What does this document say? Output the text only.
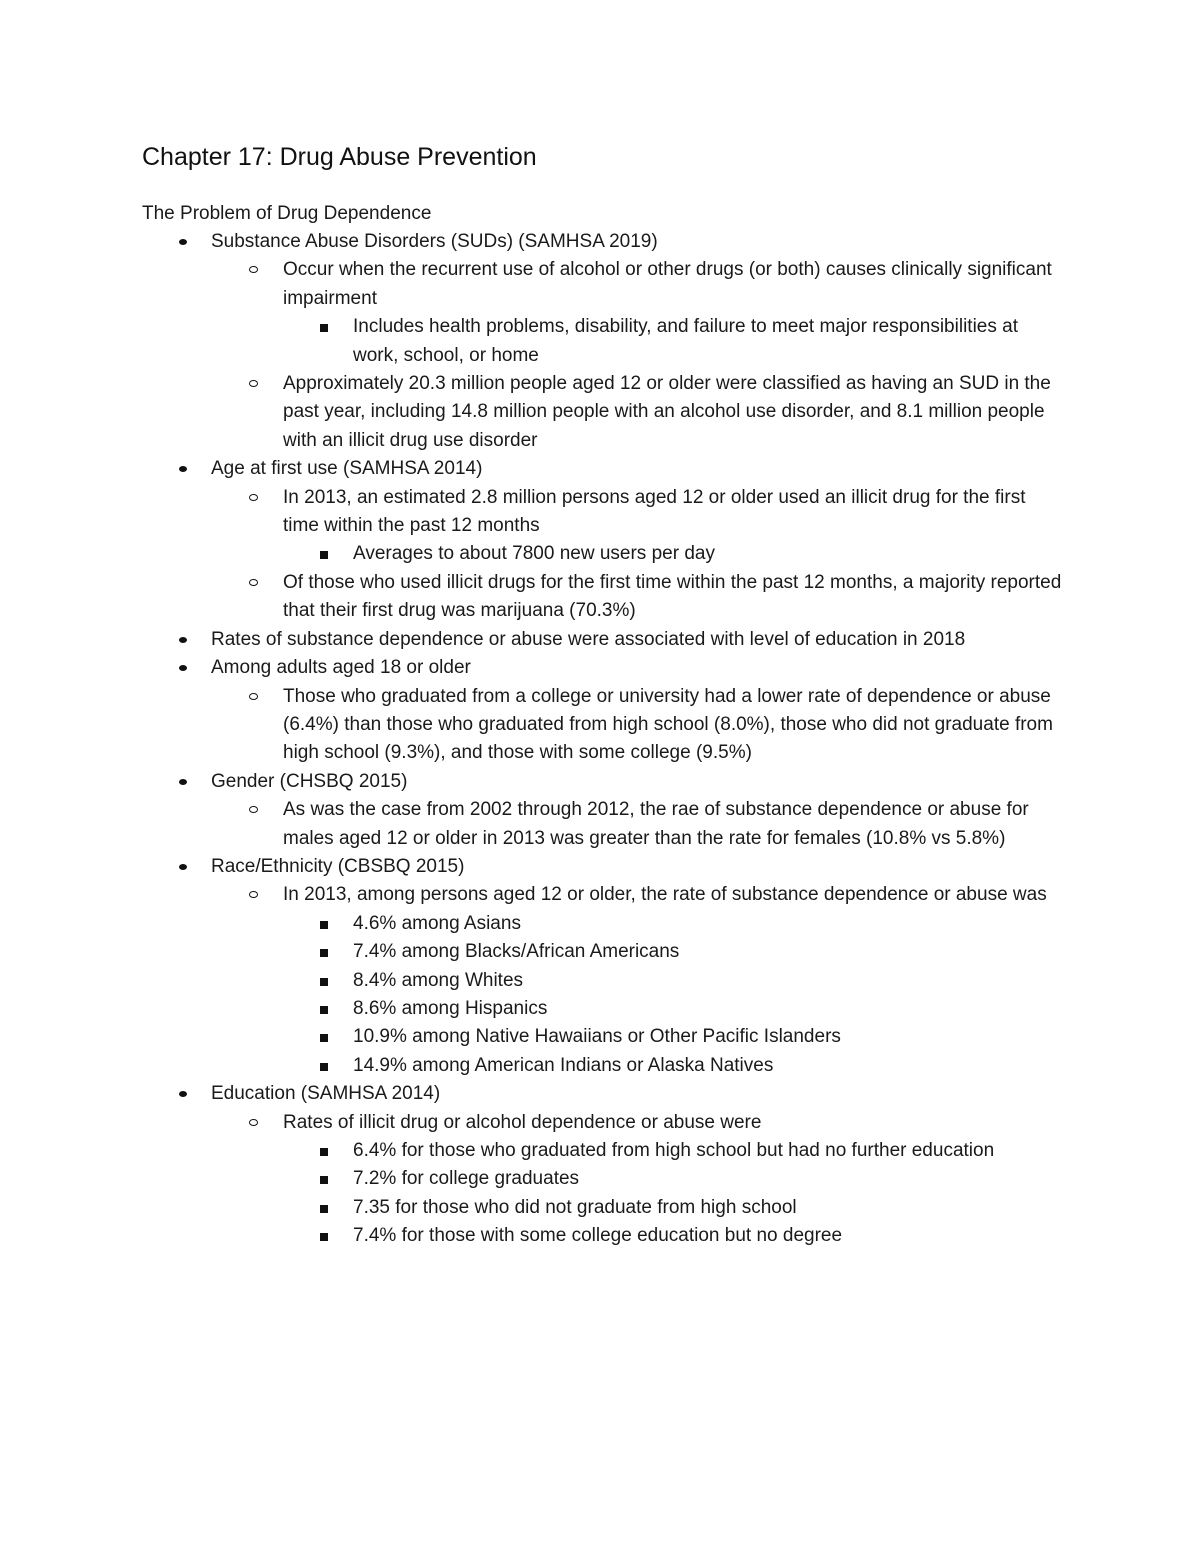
Chapter 17: Drug Abuse Prevention

The Problem of Drug Dependence

Substance Abuse Disorders (SUDs) (SAMHSA 2019)

Occur when the recurrent use of alcohol or other drugs (or both) causes clinically significant impairment

Includes health problems, disability, and failure to meet major responsibilities at work, school, or home

Approximately 20.3 million people aged 12 or older were classified as having an SUD in the past year, including 14.8 million people with an alcohol use disorder, and 8.1 million people with an illicit drug use disorder

Age at first use (SAMHSA 2014)

In 2013, an estimated 2.8 million persons aged 12 or older used an illicit drug for the first time within the past 12 months

Averages to about 7800 new users per day

Of those who used illicit drugs for the first time within the past 12 months, a majority reported that their first drug was marijuana (70.3%)

Rates of substance dependence or abuse were associated with level of education in 2018

Among adults aged 18 or older

Those who graduated from a college or university had a lower rate of dependence or abuse (6.4%) than those who graduated from high school (8.0%), those who did not graduate from high school (9.3%), and those with some college (9.5%)

Gender (CHSBQ 2015)

As was the case from 2002 through 2012, the rae of substance dependence or abuse for males aged 12 or older in 2013 was greater than the rate for females (10.8% vs 5.8%)

Race/Ethnicity (CBSBQ 2015)

In 2013, among persons aged 12 or older, the rate of substance dependence or abuse was

4.6% among Asians

7.4% among Blacks/African Americans

8.4% among Whites

8.6% among Hispanics

10.9% among Native Hawaiians or Other Pacific Islanders

14.9% among American Indians or Alaska Natives

Education (SAMHSA 2014)

Rates of illicit drug or alcohol dependence or abuse were

6.4% for those who graduated from high school but had no further education

7.2% for college graduates

7.35 for those who did not graduate from high school

7.4% for those with some college education but no degree
